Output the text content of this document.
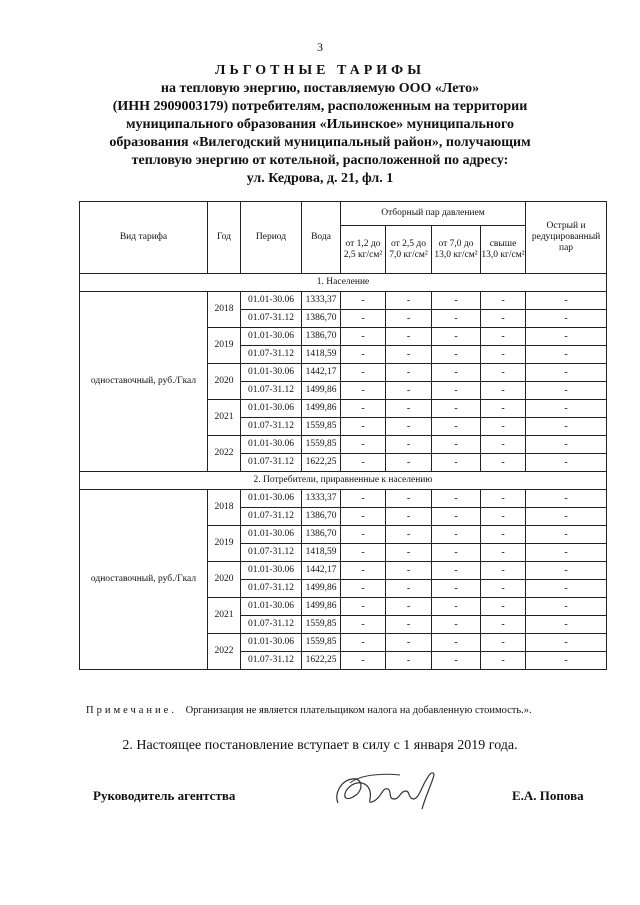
3
ЛЬГОТНЫЕ ТАРИФЫ
на тепловую энергию, поставляемую ООО «Лето»
(ИНН 2909003179) потребителям, расположенным на территории
муниципального образования «Ильинское» муниципального
образования «Вилегодский муниципальный район», получающим
тепловую энергию от котельной, расположенной по адресу:
ул. Кедрова, д. 21, фл. 1
Вид тарифа	Год	Период	Вода	Отборный пар давлением				Острый и редуцированный пар
				от 1,2 до 2,5 кг/см²	от 2,5 до 7,0 кг/см²	от 7,0 до 13,0 кг/см²	свыше 13,0 кг/см²	
1. Население								
одноставочный, руб./Гкал	2018	01.01-30.06	1333,37	-	-	-	-	-
		01.07-31.12	1386,70	-	-	-	-	-
	2019	01.01-30.06	1386,70	-	-	-	-	-
		01.07-31.12	1418,59	-	-	-	-	-
	2020	01.01-30.06	1442,17	-	-	-	-	-
		01.07-31.12	1499,86	-	-	-	-	-
	2021	01.01-30.06	1499,86	-	-	-	-	-
		01.07-31.12	1559,85	-	-	-	-	-
	2022	01.01-30.06	1559,85	-	-	-	-	-
		01.07-31.12	1622,25	-	-	-	-	-
2. Потребители, приравненные к населению								
одноставочный, руб./Гкал	2018	01.01-30.06	1333,37	-	-	-	-	-
		01.07-31.12	1386,70	-	-	-	-	-
	2019	01.01-30.06	1386,70	-	-	-	-	-
		01.07-31.12	1418,59	-	-	-	-	-
	2020	01.01-30.06	1442,17	-	-	-	-	-
		01.07-31.12	1499,86	-	-	-	-	-
	2021	01.01-30.06	1499,86	-	-	-	-	-
		01.07-31.12	1559,85	-	-	-	-	-
	2022	01.01-30.06	1559,85	-	-	-	-	-
		01.07-31.12	1622,25	-	-	-	-	-
Примечание. Организация не является плательщиком налога на добавленную стоимость.».
2. Настоящее постановление вступает в силу с 1 января 2019 года.
Руководитель агентства	Е.А. Попова
